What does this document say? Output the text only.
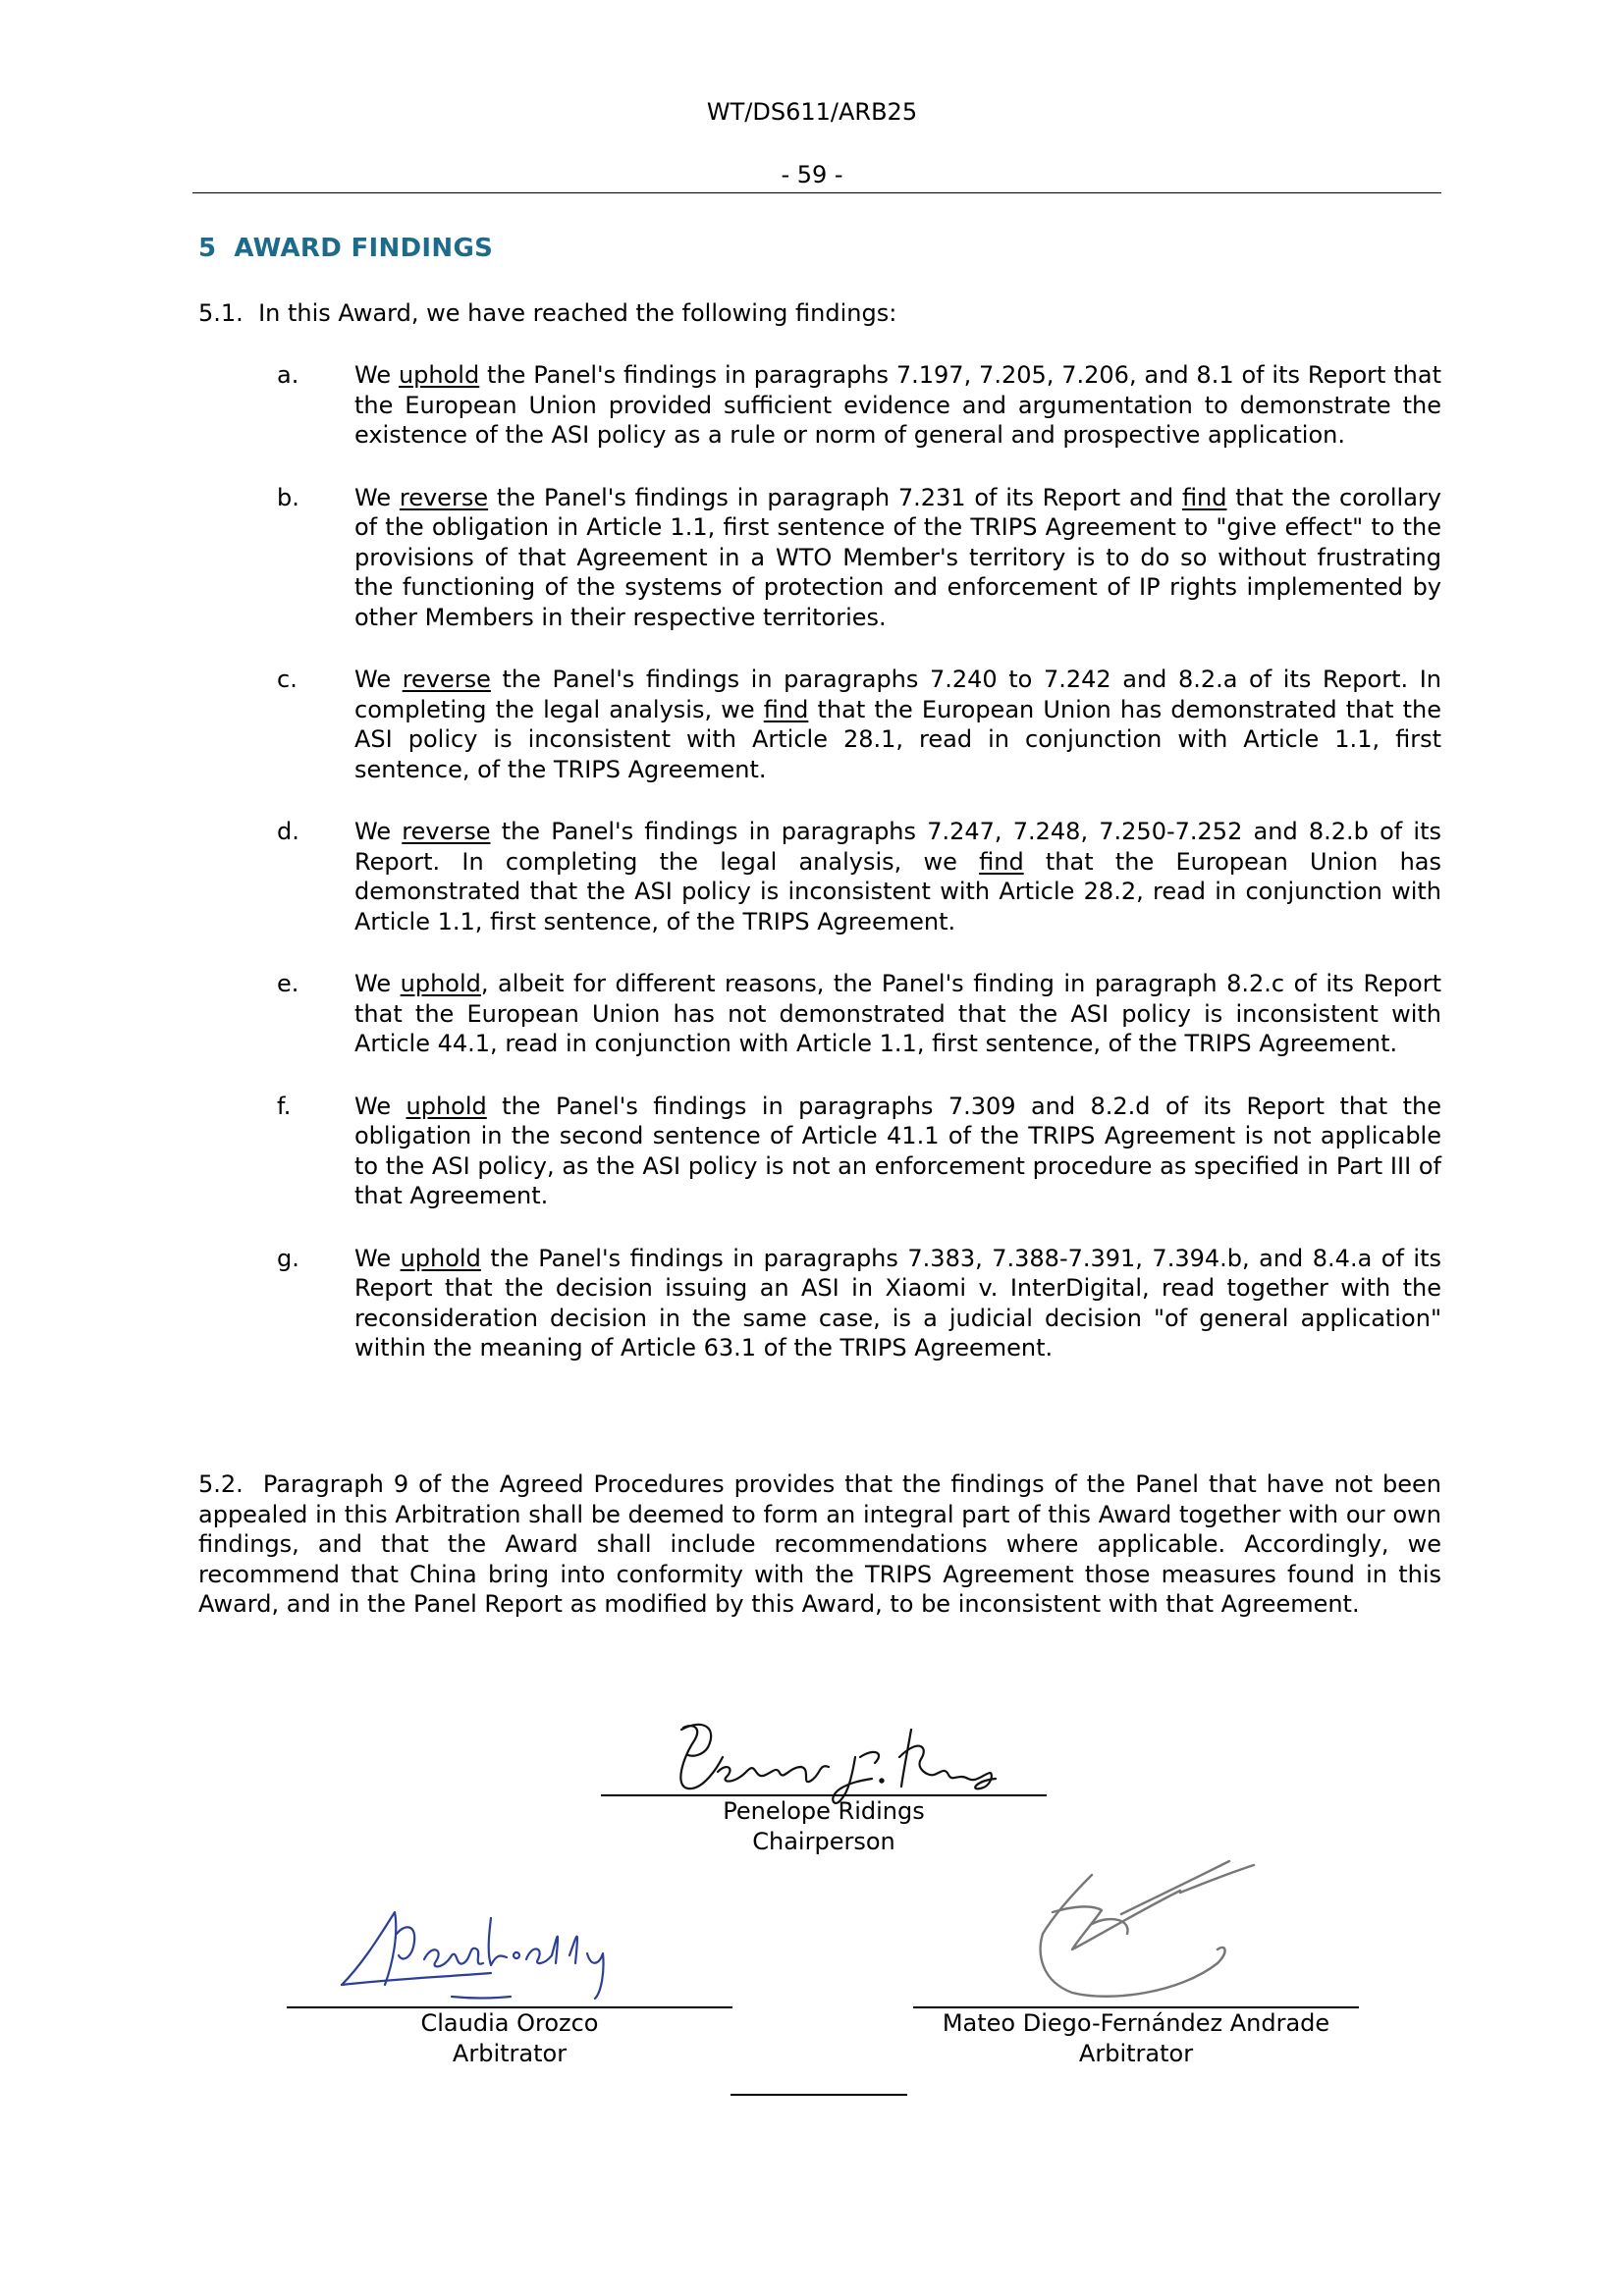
WT/DS611/ARB25
- 59 -
5 AWARD FINDINGS
5.1. In this Award, we have reached the following findings:
a.	We uphold the Panel's findings in paragraphs 7.197, 7.205, 7.206, and 8.1 of its Report that the European Union provided sufficient evidence and argumentation to demonstrate the existence of the ASI policy as a rule or norm of general and prospective application.
b.	We reverse the Panel's findings in paragraph 7.231 of its Report and find that the corollary of the obligation in Article 1.1, first sentence of the TRIPS Agreement to "give effect" to the provisions of that Agreement in a WTO Member's territory is to do so without frustrating the functioning of the systems of protection and enforcement of IP rights implemented by other Members in their respective territories.
c.	We reverse the Panel's findings in paragraphs 7.240 to 7.242 and 8.2.a of its Report. In completing the legal analysis, we find that the European Union has demonstrated that the ASI policy is inconsistent with Article 28.1, read in conjunction with Article 1.1, first sentence, of the TRIPS Agreement.
d.	We reverse the Panel's findings in paragraphs 7.247, 7.248, 7.250-7.252 and 8.2.b of its Report. In completing the legal analysis, we find that the European Union has demonstrated that the ASI policy is inconsistent with Article 28.2, read in conjunction with Article 1.1, first sentence, of the TRIPS Agreement.
e.	We uphold, albeit for different reasons, the Panel's finding in paragraph 8.2.c of its Report that the European Union has not demonstrated that the ASI policy is inconsistent with Article 44.1, read in conjunction with Article 1.1, first sentence, of the TRIPS Agreement.
f.	We uphold the Panel's findings in paragraphs 7.309 and 8.2.d of its Report that the obligation in the second sentence of Article 41.1 of the TRIPS Agreement is not applicable to the ASI policy, as the ASI policy is not an enforcement procedure as specified in Part III of that Agreement.
g.	We uphold the Panel's findings in paragraphs 7.383, 7.388-7.391, 7.394.b, and 8.4.a of its Report that the decision issuing an ASI in Xiaomi v. InterDigital, read together with the reconsideration decision in the same case, is a judicial decision "of general application" within the meaning of Article 63.1 of the TRIPS Agreement.
5.2. Paragraph 9 of the Agreed Procedures provides that the findings of the Panel that have not been appealed in this Arbitration shall be deemed to form an integral part of this Award together with our own findings, and that the Award shall include recommendations where applicable. Accordingly, we recommend that China bring into conformity with the TRIPS Agreement those measures found in this Award, and in the Panel Report as modified by this Award, to be inconsistent with that Agreement.
Penelope Ridings
Chairperson
Claudia Orozco
Arbitrator
Mateo Diego-Fernández Andrade
Arbitrator
